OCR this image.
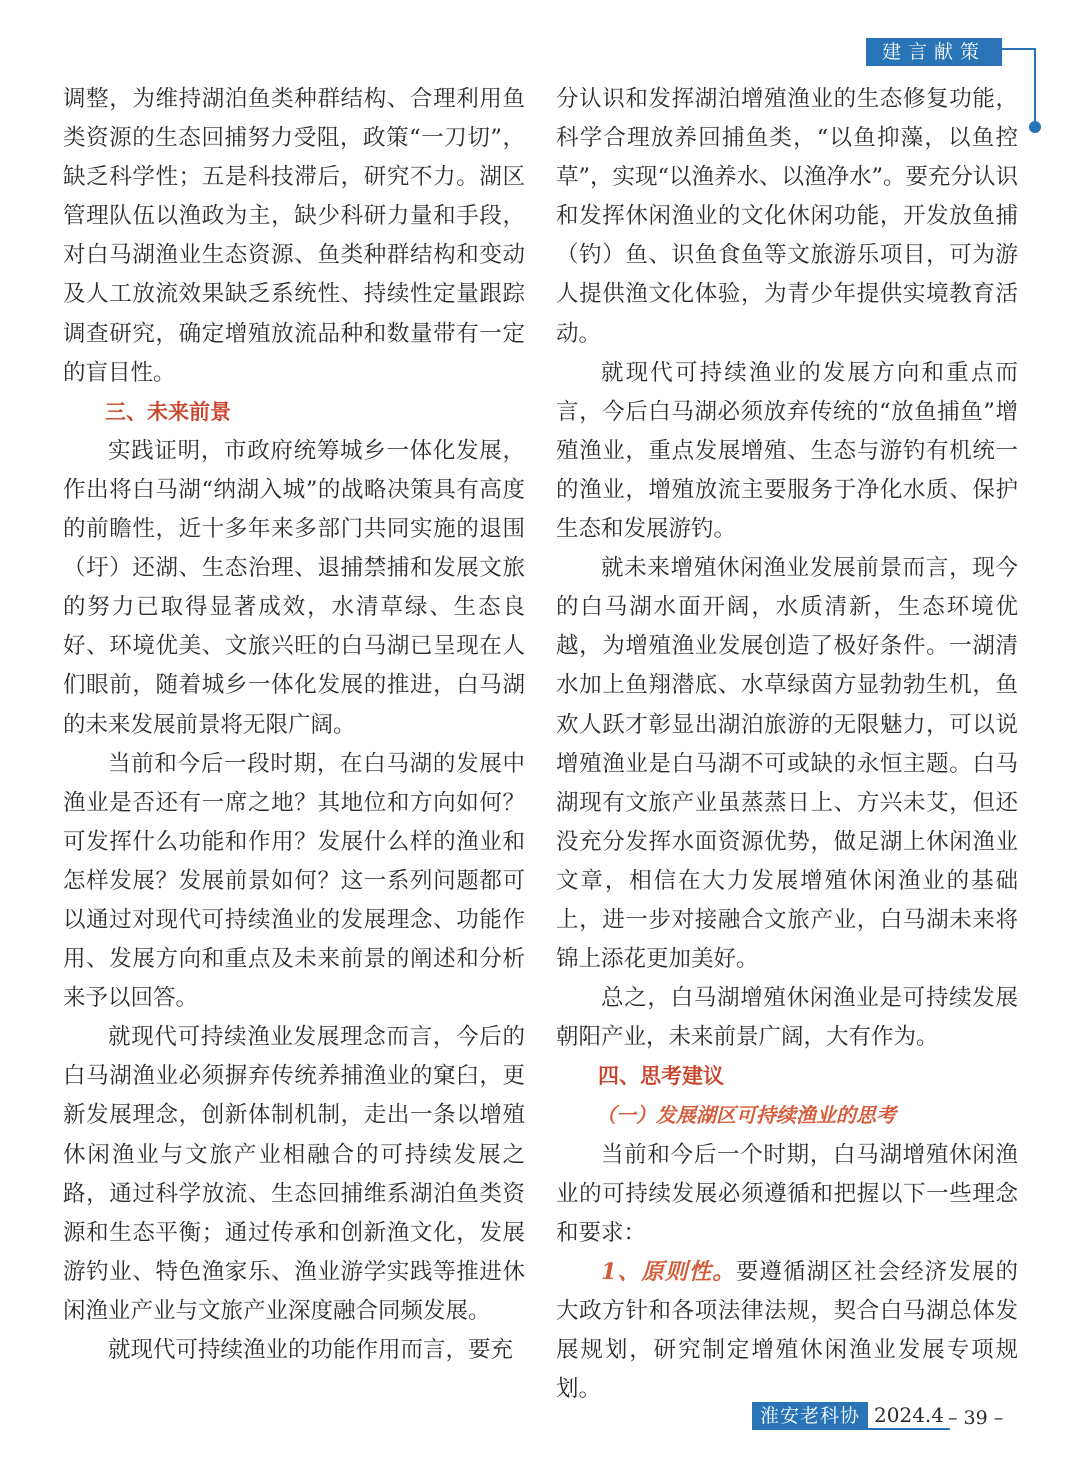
建言献策

调整，为维持湖泊鱼类种群结构、合理利用鱼类资源的生态回捕努力受阻，政策“一刀切”，缺乏科学性；五是科技滞后，研究不力。湖区管理队伍以渔政为主，缺少科研力量和手段，对白马湖渔业生态资源、鱼类种群结构和变动及人工放流效果缺乏系统性、持续性定量跟踪调查研究，确定增殖放流品种和数量带有一定的盲目性。

三、未来前景

实践证明，市政府统筹城乡一体化发展，作出将白马湖“纳湖入城”的战略决策具有高度的前瞻性，近十多年来多部门共同实施的退围（圩）还湖、生态治理、退捕禁捕和发展文旅的努力已取得显著成效，水清草绿、生态良好、环境优美、文旅兴旺的白马湖已呈现在人们眼前，随着城乡一体化发展的推进，白马湖的未来发展前景将无限广阔。

当前和今后一段时期，在白马湖的发展中渔业是否还有一席之地？其地位和方向如何？可发挥什么功能和作用？发展什么样的渔业和怎样发展？发展前景如何？这一系列问题都可以通过对现代可持续渔业的发展理念、功能作用、发展方向和重点及未来前景的阐述和分析来予以回答。

就现代可持续渔业发展理念而言，今后的白马湖渔业必须摒弃传统养捕渔业的窠臼，更新发展理念，创新体制机制，走出一条以增殖休闲渔业与文旅产业相融合的可持续发展之路，通过科学放流、生态回捕维系湖泊鱼类资源和生态平衡；通过传承和创新渔文化，发展游钓业、特色渔家乐、渔业游学实践等推进休闲渔业产业与文旅产业深度融合同频发展。

就现代可持续渔业的功能作用而言，要充

分认识和发挥湖泊增殖渔业的生态修复功能，科学合理放养回捕鱼类，“以鱼抑藻，以鱼控草”，实现“以渔养水、以渔净水”。要充分认识和发挥休闲渔业的文化休闲功能，开发放鱼捕（钓）鱼、识鱼食鱼等文旅游乐项目，可为游人提供渔文化体验，为青少年提供实境教育活动。

就现代可持续渔业的发展方向和重点而言，今后白马湖必须放弃传统的“放鱼捕鱼”增殖渔业，重点发展增殖、生态与游钓有机统一的渔业，增殖放流主要服务于净化水质、保护生态和发展游钓。

就未来增殖休闲渔业发展前景而言，现今的白马湖水面开阔，水质清新，生态环境优越，为增殖渔业发展创造了极好条件。一湖清水加上鱼翔潜底、水草绿茵方显勃勃生机，鱼欢人跃才彰显出湖泊旅游的无限魅力，可以说增殖渔业是白马湖不可或缺的永恒主题。白马湖现有文旅产业虽蒸蒸日上、方兴未艾，但还没充分发挥水面资源优势，做足湖上休闲渔业文章，相信在大力发展增殖休闲渔业的基础上，进一步对接融合文旅产业，白马湖未来将锦上添花更加美好。

总之，白马湖增殖休闲渔业是可持续发展朝阳产业，未来前景广阔，大有作为。

四、思考建议
（一）发展湖区可持续渔业的思考

当前和今后一个时期，白马湖增殖休闲渔业的可持续发展必须遵循和把握以下一些理念和要求：

1、原则性。要遵循湖区社会经济发展的大政方针和各项法律法规，契合白马湖总体发展规划，研究制定增殖休闲渔业发展专项规划。

淮安老科协 2024.4 – 39 –
